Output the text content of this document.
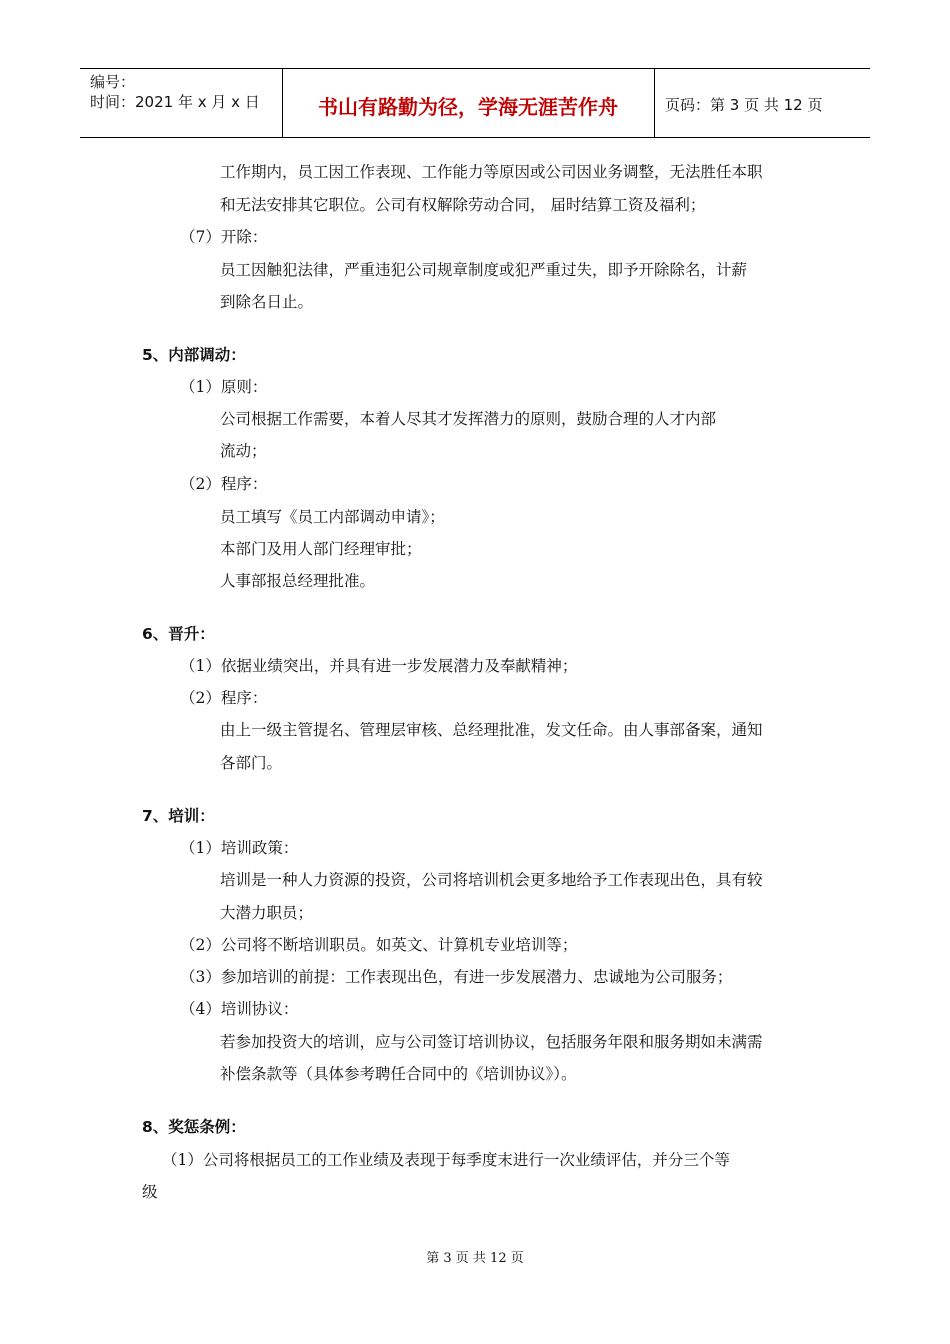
编号：
时间：2021 年 x 月 x 日	书山有路勤为径，学海无涯苦作舟	页码：第 3 页 共 12 页
工作期内，员工因工作表现、工作能力等原因或公司因业务调整，无法胜任本职
和无法安排其它职位。公司有权解除劳动合同， 届时结算工资及福利；
（7）开除：
员工因触犯法律，严重违犯公司规章制度或犯严重过失，即予开除除名，计薪
到除名日止。
5、内部调动：
（1）原则：
公司根据工作需要，本着人尽其才发挥潜力的原则，鼓励合理的人才内部
流动；
（2）程序：
员工填写《员工内部调动申请》；
本部门及用人部门经理审批；
人事部报总经理批准。
6、晋升：
（1）依据业绩突出，并具有进一步发展潜力及奉献精神；
（2）程序：
由上一级主管提名、管理层审核、总经理批准，发文任命。由人事部备案，通知
各部门。
7、培训：
（1）培训政策：
培训是一种人力资源的投资，公司将培训机会更多地给予工作表现出色，具有较
大潜力职员；
（2）公司将不断培训职员。如英文、计算机专业培训等；
（3）参加培训的前提：工作表现出色，有进一步发展潜力、忠诚地为公司服务；
（4）培训协议：
若参加投资大的培训，应与公司签订培训协议，包括服务年限和服务期如未满需
补偿条款等（具体参考聘任合同中的《培训协议》）。
8、奖惩条例：
（1）公司将根据员工的工作业绩及表现于每季度末进行一次业绩评估，并分三个等
级
第 3 页 共 12 页
